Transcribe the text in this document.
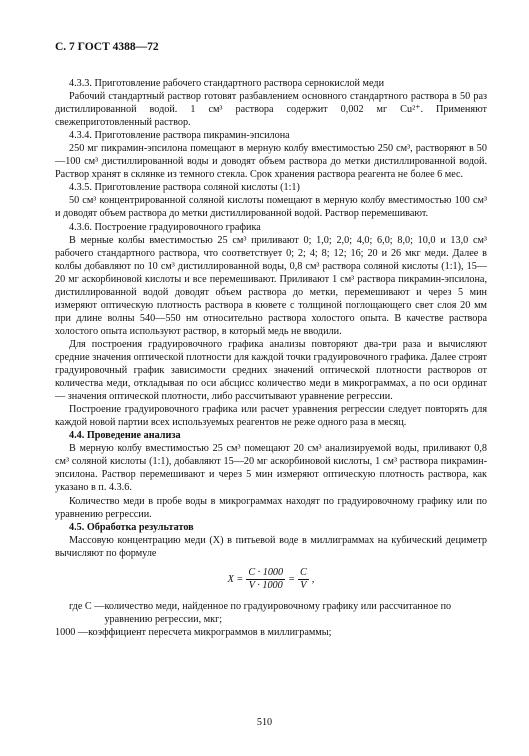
С. 7 ГОСТ 4388—72

4.3.3. Приготовление рабочего стандартного раствора сернокислой меди

Рабочий стандартный раствор готовят разбавлением основного стандартного раствора в 50 раз дистиллированной водой. 1 см³ раствора содержит 0,002 мг Cu²⁺. Применяют свежеприготовленный раствор.

4.3.4. Приготовление раствора пикрамин-эпсилона

250 мг пикрамин-эпсилона помещают в мерную колбу вместимостью 250 см³, растворяют в 50—100 см³ дистиллированной воды и доводят объем раствора до метки дистиллированной водой. Раствор хранят в склянке из темного стекла. Срок хранения раствора реагента не более 6 мес.

4.3.5. Приготовление раствора соляной кислоты (1:1)

50 см³ концентрированной соляной кислоты помещают в мерную колбу вместимостью 100 см³ и доводят объем раствора до метки дистиллированной водой. Раствор перемешивают.

4.3.6. Построение градуировочного графика

В мерные колбы вместимостью 25 см³ приливают 0; 1,0; 2,0; 4,0; 6,0; 8,0; 10,0 и 13,0 см³ рабочего стандартного раствора, что соответствует 0; 2; 4; 8; 12; 16; 20 и 26 мкг меди. Далее в колбы добавляют по 10 см³ дистиллированной воды, 0,8 см³ раствора соляной кислоты (1:1), 15—20 мг аскорбиновой кислоты и все перемешивают. Приливают 1 см³ раствора пикрамин-эпсилона, дистиллированной водой доводят объем раствора до метки, перемешивают и через 5 мин измеряют оптическую плотность раствора в кювете с толщиной поглощающего свет слоя 20 мм при длине волны 540—550 нм относительно раствора холостого опыта. В качестве раствора холостого опыта используют раствор, в который медь не вводили.

Для построения градуировочного графика анализы повторяют два-три раза и вычисляют средние значения оптической плотности для каждой точки градуировочного графика. Далее строят градуировочный график зависимости средних значений оптической плотности растворов от количества меди, откладывая по оси абсцисс количество меди в микрограммах, а по оси ординат — значения оптической плотности, либо рассчитывают уравнение регрессии.

Построение градуировочного графика или расчет уравнения регрессии следует повторять для каждой новой партии всех используемых реагентов не реже одного раза в месяц.

4.4. Проведение анализа

В мерную колбу вместимостью 25 см³ помещают 20 см³ анализируемой воды, приливают 0,8 см³ соляной кислоты (1:1), добавляют 15—20 мг аскорбиновой кислоты, 1 см³ раствора пикрамин-эпсилона. Раствор перемешивают и через 5 мин измеряют оптическую плотность раствора, как указано в п. 4.3.6.

Количество меди в пробе воды в микрограммах находят по градуировочному графику или по уравнению регрессии.

4.5. Обработка результатов

Массовую концентрацию меди (X) в питьевой воде в миллиграммах на кубический дециметр вычисляют по формуле

$X = \frac{C \cdot 1000}{V \cdot 1000} = \frac{C}{V}$ ,
где C — количество меди, найденное по градуировочному графику или рассчитанное по уравнению регрессии, мкг;
1000 — коэффициент пересчета микрограммов в миллиграммы;
510
